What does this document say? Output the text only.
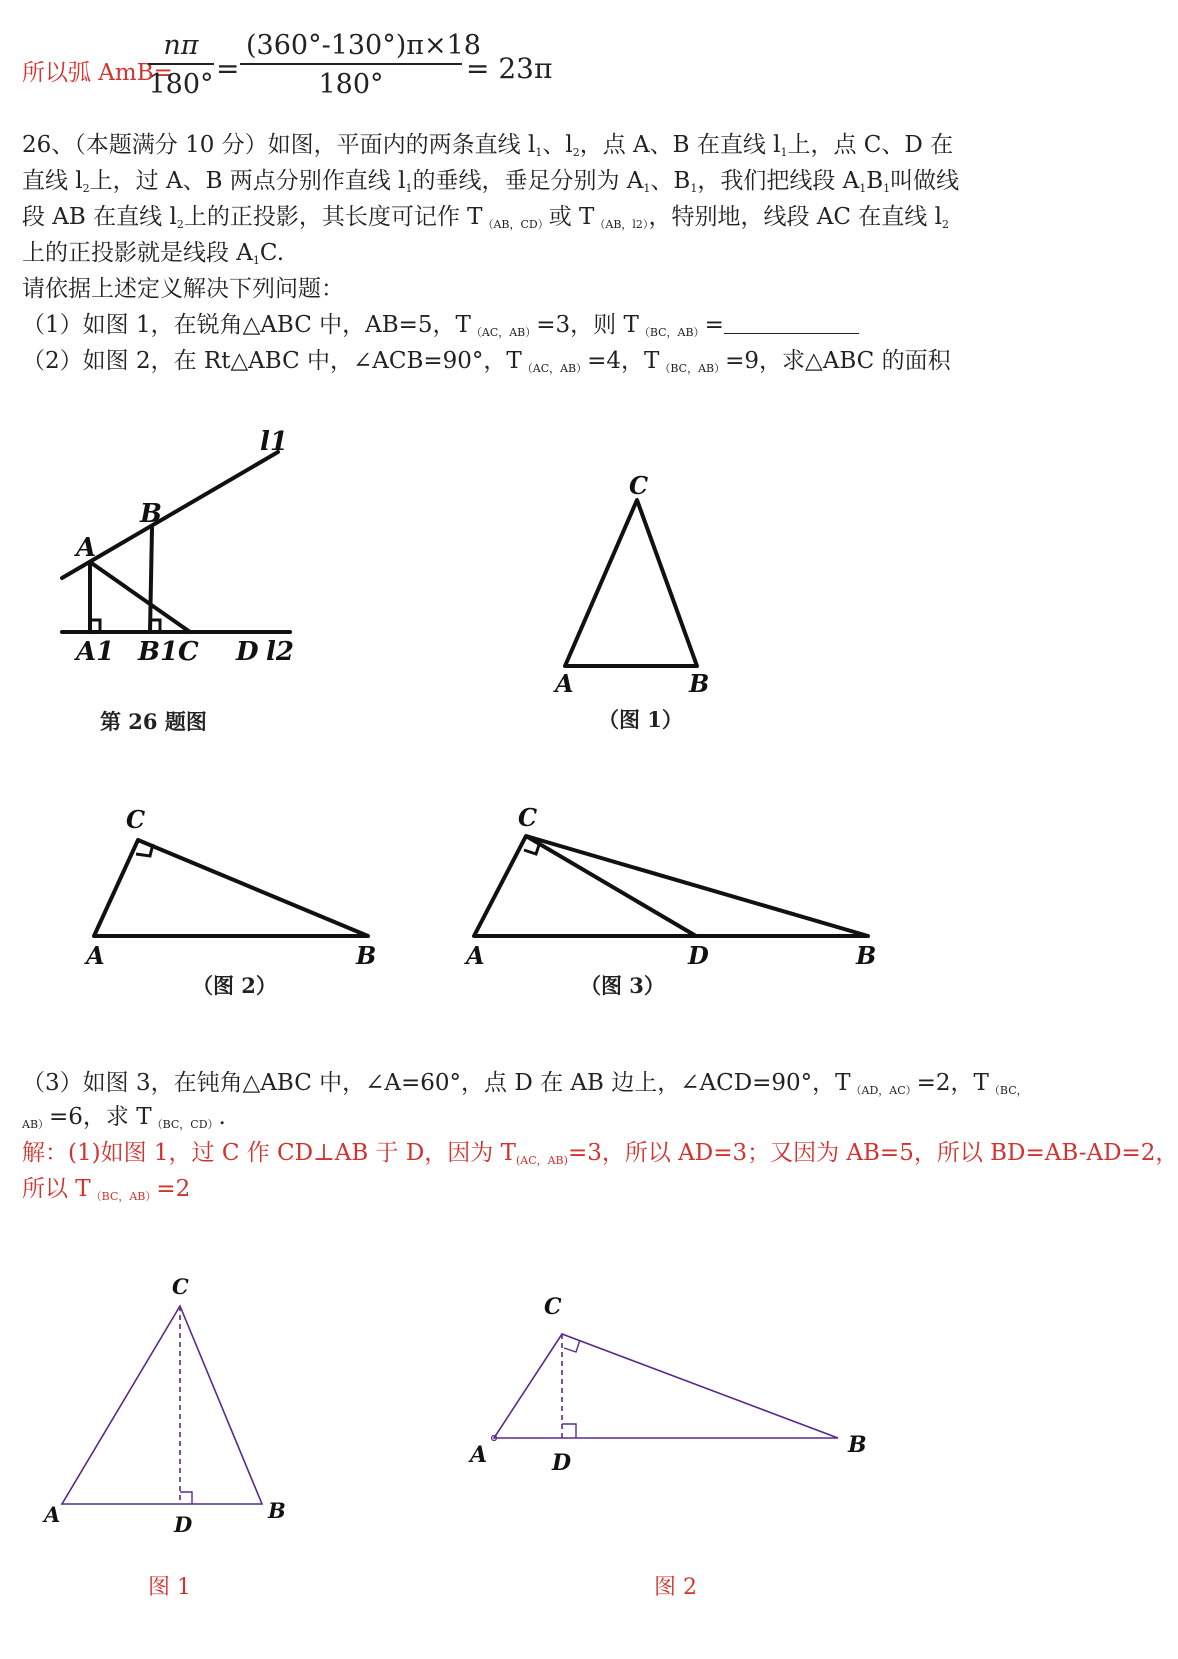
所以弧 AmB=
$\frac{n\pi}{180^\circ} = \frac{(360^\circ-130^\circ)\pi\times 18}{180^\circ} = 23\pi$
26、（本题满分 10 分）如图，平面内的两条直线 $l_1$、$l_2$，点 A、B 在直线 $l_1$上，点 C、D 在
直线 $l_2$上，过 A、B 两点分别作直线 $l_1$的垂线，垂足分别为 $A_1$、$B_1$，我们把线段 $A_1B_1$叫做线
段 AB 在直线 $l_2$上的正投影，其长度可记作 $T_{(AB,CD)}$或 $T_{(AB,l2)}$，特别地，线段 AC 在直线 $l_2$
上的正投影就是线段 $A_1C$.
请依据上述定义解决下列问题：
（1）如图 1，在锐角△ABC 中，AB=5，$T_{(AC,AB)}=3$，则 $T_{(BC,AB)}=$
（2）如图 2，在 Rt△ABC 中，∠ACB=90°，$T_{(AC,AB)}=4$，$T_{(BC,AB)}=9$，求△ABC 的面积
l1
B
A
A1 B1 C D l2
第 26 题图
C
A	B
（图 1）
C
A	B
（图 2）
C
A	D	B
（图 3）
（3）如图 3，在钝角△ABC 中，∠A=60°，点 D 在 AB 边上，∠ACD=90°，$T_{(AD,AC)}=2$，$T_{(BC,}$
$_{AB)}$=6，求 $T_{(BC,CD)}$.
解：(1)如图 1，过 C 作 CD⊥AB 于 D，因为 $T_{(AC,AB)}=3$，所以 AD=3；又因为 AB=5，所以 BD=AB-AD=2，
所以 $T_{(BC,AB)}=2$
C
A	D
B
图 1
C
A	D
B
图 2
